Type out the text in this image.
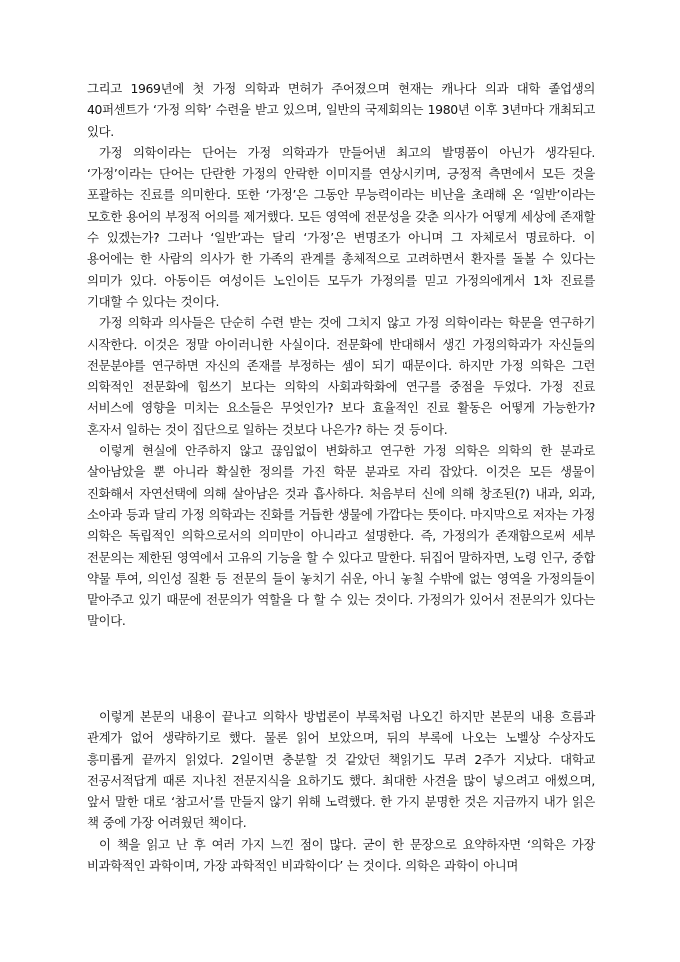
그리고 1969년에 첫 가정 의학과 면허가 주어졌으며 현재는 캐나다 의과 대학 졸업생의 40퍼센트가 ‘가정 의학’ 수련을 받고 있으며, 일반의 국제회의는 1980년 이후 3년마다 개최되고 있다.

가정 의학이라는 단어는 가정 의학과가 만들어낸 최고의 발명품이 아닌가 생각된다. ‘가정’이라는 단어는 단란한 가정의 안락한 이미지를 연상시키며, 긍정적 측면에서 모든 것을 포괄하는 진료를 의미한다. 또한 ‘가정’은 그동안 무능력이라는 비난을 초래해 온 ‘일반’이라는 모호한 용어의 부정적 어의를 제거했다. 모든 영역에 전문성을 갖춘 의사가 어떻게 세상에 존재할 수 있겠는가? 그러나 ‘일반’과는 달리 ‘가정’은 변명조가 아니며 그 자체로서 명료하다. 이 용어에는 한 사람의 의사가 한 가족의 관계를 총체적으로 고려하면서 환자를 돌볼 수 있다는 의미가 있다. 아동이든 여성이든 노인이든 모두가 가정의를 믿고 가정의에게서 1차 진료를 기대할 수 있다는 것이다.

가정 의학과 의사들은 단순히 수련 받는 것에 그치지 않고 가정 의학이라는 학문을 연구하기 시작한다. 이것은 정말 아이러니한 사실이다. 전문화에 반대해서 생긴 가정의학과가 자신들의 전문분야를 연구하면 자신의 존재를 부정하는 셈이 되기 때문이다. 하지만 가정 의학은 그런 의학적인 전문화에 힘쓰기 보다는 의학의 사회과학화에 연구를 중점을 두었다. 가정 진료 서비스에 영향을 미치는 요소들은 무엇인가? 보다 효율적인 진료 활동은 어떻게 가능한가? 혼자서 일하는 것이 집단으로 일하는 것보다 나은가? 하는 것 등이다.

이렇게 현실에 안주하지 않고 끊임없이 변화하고 연구한 가정 의학은 의학의 한 분과로 살아남았을 뿐 아니라 확실한 정의를 가진 학문 분과로 자리 잡았다. 이것은 모든 생물이 진화해서 자연선택에 의해 살아남은 것과 흡사하다. 처음부터 신에 의해 창조된(?) 내과, 외과, 소아과 등과 달리 가정 의학과는 진화를 거듭한 생물에 가깝다는 뜻이다. 마지막으로 저자는 가정 의학은 독립적인 의학으로서의 의미만이 아니라고 설명한다. 즉, 가정의가 존재함으로써 세부 전문의는 제한된 영역에서 고유의 기능을 할 수 있다고 말한다. 뒤집어 말하자면, 노령 인구, 중합 약물 투여, 의인성 질환 등 전문의 들이 놓치기 쉬운, 아니 놓칠 수밖에 없는 영역을 가정의들이 맡아주고 있기 때문에 전문의가 역할을 다 할 수 있는 것이다. 가정의가 있어서 전문의가 있다는 말이다.

이렇게 본문의 내용이 끝나고 의학사 방법론이 부록처럼 나오긴 하지만 본문의 내용 흐름과 관계가 없어 생략하기로 했다. 물론 읽어 보았으며, 뒤의 부록에 나오는 노벨상 수상자도 흥미롭게 끝까지 읽었다. 2일이면 충분할 것 같았던 책읽기도 무려 2주가 지났다. 대학교 전공서적답게 때론 지나친 전문지식을 요하기도 했다. 최대한 사견을 많이 넣으려고 애썼으며, 앞서 말한 대로 ‘참고서’를 만들지 않기 위해 노력했다. 한 가지 분명한 것은 지금까지 내가 읽은 책 중에 가장 어려웠던 책이다.

이 책을 읽고 난 후 여러 가지 느낀 점이 많다. 굳이 한 문장으로 요약하자면 ‘의학은 가장 비과학적인 과학이며, 가장 과학적인 비과학이다’ 는 것이다. 의학은 과학이 아니며
